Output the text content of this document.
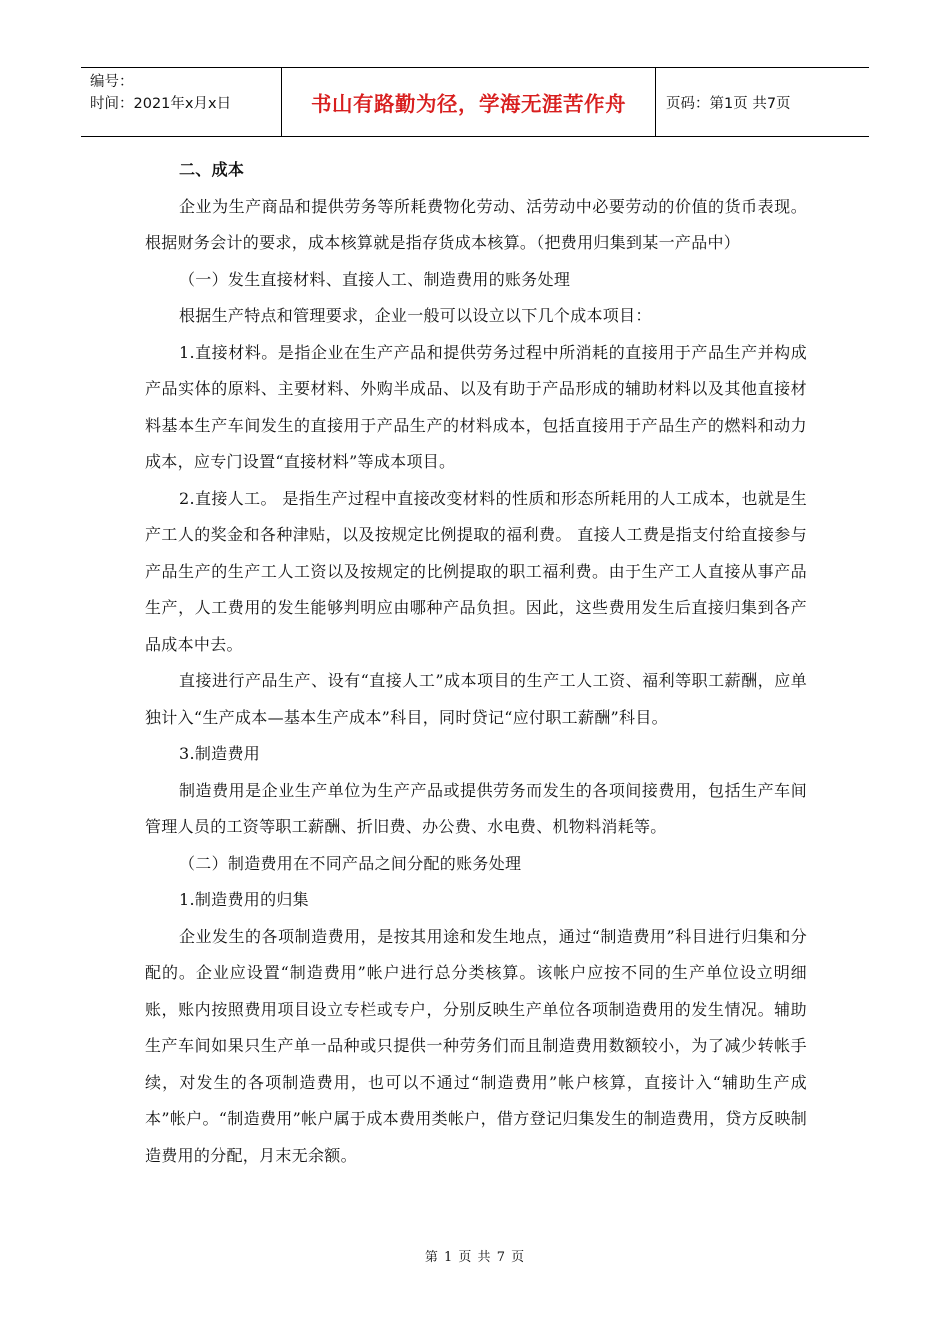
编号：
时间：2021年x月x日	书山有路勤为径，学海无涯苦作舟	页码：第1页 共7页

二、成本

企业为生产商品和提供劳务等所耗费物化劳动、活劳动中必要劳动的价值的货币表现。根据财务会计的要求，成本核算就是指存货成本核算。（把费用归集到某一产品中）

（一）发生直接材料、直接人工、制造费用的账务处理

根据生产特点和管理要求，企业一般可以设立以下几个成本项目：

1.直接材料。是指企业在生产产品和提供劳务过程中所消耗的直接用于产品生产并构成产品实体的原料、主要材料、外购半成品、以及有助于产品形成的辅助材料以及其他直接材料基本生产车间发生的直接用于产品生产的材料成本，包括直接用于产品生产的燃料和动力成本，应专门设置“直接材料”等成本项目。

2.直接人工。 是指生产过程中直接改变材料的性质和形态所耗用的人工成本，也就是生产工人的奖金和各种津贴，以及按规定比例提取的福利费。 直接人工费是指支付给直接参与产品生产的生产工人工资以及按规定的比例提取的职工福利费。由于生产工人直接从事产品生产，人工费用的发生能够判明应由哪种产品负担。因此，这些费用发生后直接归集到各产品成本中去。

直接进行产品生产、设有“直接人工”成本项目的生产工人工资、福利等职工薪酬，应单独计入“生产成本—基本生产成本”科目，同时贷记“应付职工薪酬”科目。

3.制造费用

制造费用是企业生产单位为生产产品或提供劳务而发生的各项间接费用，包括生产车间管理人员的工资等职工薪酬、折旧费、办公费、水电费、机物料消耗等。

（二）制造费用在不同产品之间分配的账务处理

1.制造费用的归集

企业发生的各项制造费用，是按其用途和发生地点，通过“制造费用”科目进行归集和分配的。企业应设置“制造费用”帐户进行总分类核算。该帐户应按不同的生产单位设立明细账，账内按照费用项目设立专栏或专户，分别反映生产单位各项制造费用的发生情况。辅助生产车间如果只生产单一品种或只提供一种劳务们而且制造费用数额较小，为了减少转帐手续，对发生的各项制造费用，也可以不通过“制造费用”帐户核算，直接计入“辅助生产成本”帐户。“制造费用”帐户属于成本费用类帐户，借方登记归集发生的制造费用，贷方反映制造费用的分配，月末无余额。

第 1 页 共 7 页
